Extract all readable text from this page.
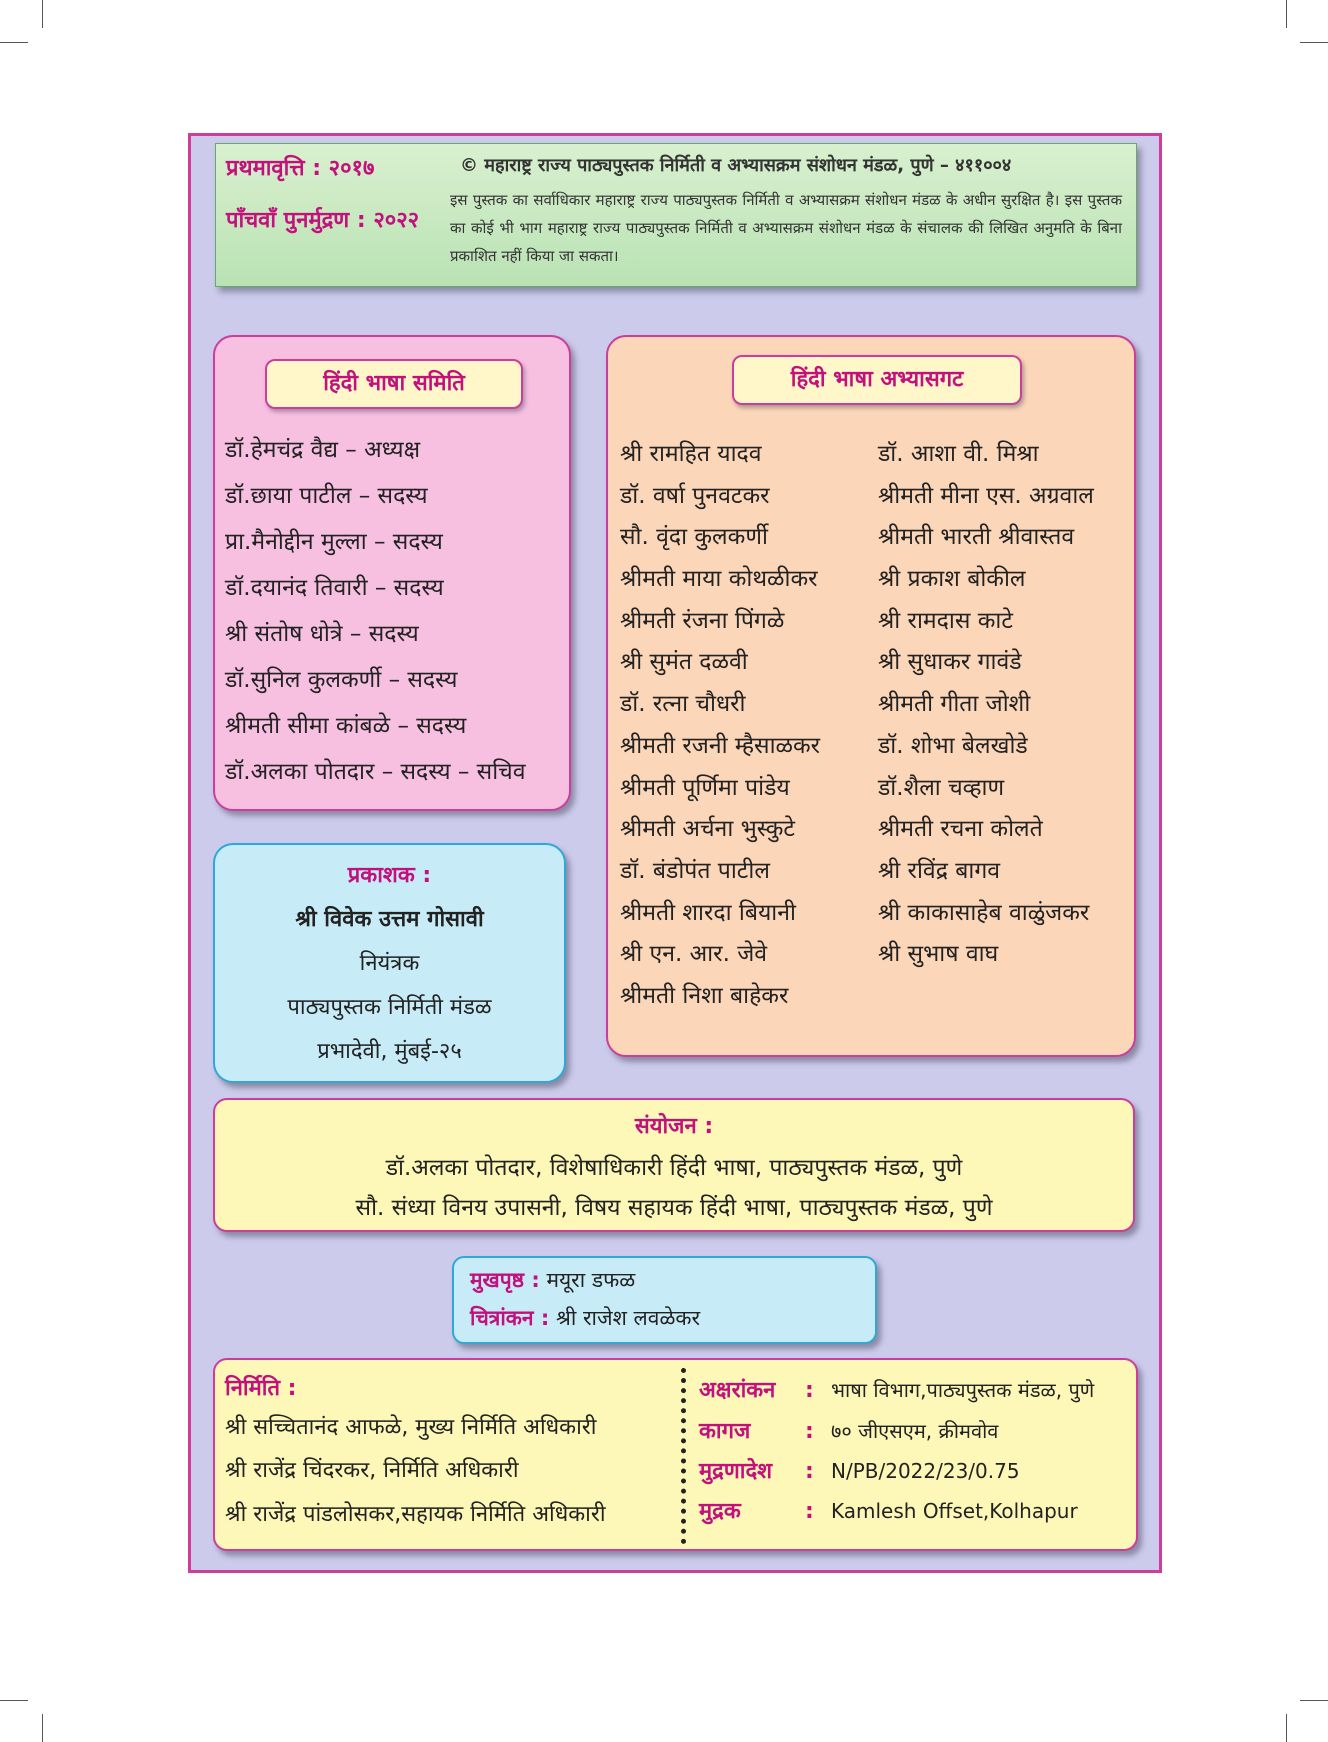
प्रथमावृत्ति : २०१७
पाँचवाँ पुनर्मुद्रण : २०२२
© महाराष्ट्र राज्य पाठ्यपुस्तक निर्मिती व अभ्यासक्रम संशोधन मंडळ, पुणे – ४११००४
इस पुस्तक का सर्वाधिकार महाराष्ट्र राज्य पाठ्यपुस्तक निर्मिती व अभ्यासक्रम संशोधन मंडळ के अधीन सुरक्षित है। इस पुस्तक का कोई भी भाग महाराष्ट्र राज्य पाठ्यपुस्तक निर्मिती व अभ्यासक्रम संशोधन मंडळ के संचालक की लिखित अनुमति के बिना प्रकाशित नहीं किया जा सकता।
हिंदी भाषा समिति
डॉ.हेमचंद्र वैद्य – अध्यक्ष
डॉ.छाया पाटील – सदस्य
प्रा.मैनोद्दीन मुल्ला – सदस्य
डॉ.दयानंद तिवारी – सदस्य
श्री संतोष धोत्रे – सदस्य
डॉ.सुनिल कुलकर्णी – सदस्य
श्रीमती सीमा कांबळे – सदस्य
डॉ.अलका पोतदार – सदस्य – सचिव
हिंदी भाषा अभ्यासगट
श्री रामहित यादव
डॉ. वर्षा पुनवटकर
सौ. वृंदा कुलकर्णी
श्रीमती माया कोथळीकर
श्रीमती रंजना पिंगळे
श्री सुमंत दळवी
डॉ. रत्ना चौधरी
श्रीमती रजनी म्हैसाळकर
श्रीमती पूर्णिमा पांडेय
श्रीमती अर्चना भुस्कुटे
डॉ. बंडोपंत पाटील
श्रीमती शारदा बियानी
श्री एन. आर. जेवे
श्रीमती निशा बाहेकर
डॉ. आशा वी. मिश्रा
श्रीमती मीना एस. अग्रवाल
श्रीमती भारती श्रीवास्तव
श्री प्रकाश बोकील
श्री रामदास काटे
श्री सुधाकर गावंडे
श्रीमती गीता जोशी
डॉ. शोभा बेलखोडे
डॉ.शैला चव्हाण
श्रीमती रचना कोलते
श्री रविंद्र बागव
श्री काकासाहेब वाळुंजकर
श्री सुभाष वाघ
प्रकाशक :
श्री विवेक उत्तम गोसावी
नियंत्रक
पाठ्यपुस्तक निर्मिती मंडळ
प्रभादेवी, मुंबई-२५
संयोजन :
डॉ.अलका पोतदार, विशेषाधिकारी हिंदी भाषा, पाठ्यपुस्तक मंडळ, पुणे
सौ. संध्या विनय उपासनी, विषय सहायक हिंदी भाषा, पाठ्यपुस्तक मंडळ, पुणे
मुखपृष्ठ : मयूरा डफळ
चित्रांकन : श्री राजेश लवळेकर
निर्मिति :
श्री सच्चितानंद आफळे, मुख्य निर्मिति अधिकारी
श्री राजेंद्र चिंदरकर, निर्मिति अधिकारी
श्री राजेंद्र पांडलोसकर,सहायक निर्मिति अधिकारी
अक्षरांकन : भाषा विभाग,पाठ्यपुस्तक मंडळ, पुणे
कागज : ७० जीएसएम, क्रीमवोव
मुद्रणादेश : N/PB/2022/23/0.75
मुद्रक	: Kamlesh Offset,Kolhapur
